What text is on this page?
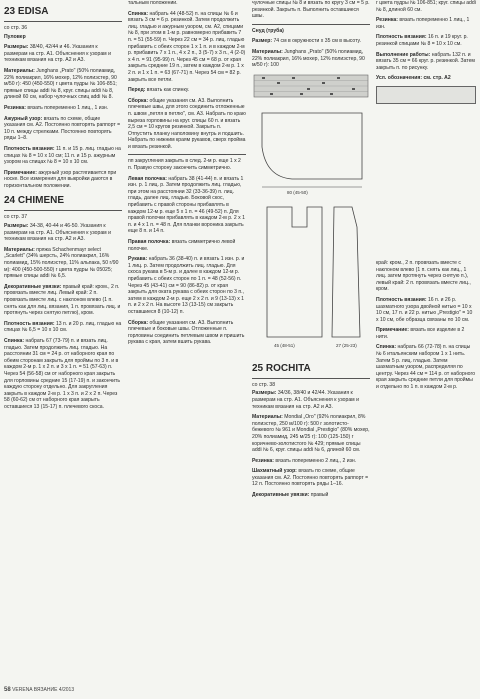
23 EDISA

со стр. 36

Пуловер

Размеры: 38/40, 42/44 и 46. Указания к размерам на стр. А1. Объяснения к узорам и техникам вязания на стр. А2 и А3.

Материалы: Junghans „Prato" (50% полиамид, 22% полиакрил, 16% мохер, 12% полиэстер, 90 м/50 г): 450 (450-550) г цвета пудры № 106-851; прямые спицы addi № 8, круг. спицы addi № 8, длиной 60 см, набор чулочных спиц addi № 8.

Резинка: вязать попеременно 1 лиц., 1 изн.

Ажурный узор: вязать по схеме, общие указания см. А2. Постоянно повторять раппорт = 10 п. между стрелками. Постоянно повторять ряды 1–8.

Плотность вязания: 11 п. и 15 р. лиц. гладью на спицах № 8 = 10 х 10 см; 11 п. и 15 р. ажурным узором на спицах № 8 = 10 х 10 см.

Примечание: ажурный узор растягивается при носке. Все измерения для выкройки даются в горизонтальном положении.

24 CHIMENE

со стр. 37

Размеры: 34-38, 40-44 и 46-50. Указания к размерам на стр. А1. Объяснения к узорам и техникам вязания на стр. А2 и А3.

Материалы: пряжа Schachenmayr select „Scarlett" (34% шерсть, 24% полиакрил, 16% полиамид, 15% полиэстер, 11% альпака, 50 г/90 м): 400 (450-500-550) г цвета пудры № 05025; прямые спицы addi № 6,5.

Декоративные увязки: правый край: кром., 2 п. провязать вместе лиц. Левый край: 2 п. провязать вместе лиц. с наклоном влево (1 п. снять как для лиц. вязания, 1 п. провязать лиц. и протянуть через снятую петлю), кром.

Плотность вязания: 13 п. и 20 р. лиц. гладью на спицах № 6,5 = 10 х 10 см.

Спинка: набрать 67 (73-79) п. и вязать лиц. гладью. Затем продолжить лиц. гладью. На расстоянии 31 см = 24 р. от наборного края по обеим сторонам закрыть для проймы по 3 п. и в каждом 2-м р. 1 х 2 п. и 3 х 1 п. = 51 (57-63) п. Через 54 (56-58) см от наборного края закрыть для горловины средние 15 (17-19) п. и закончить каждую сторону отдельно. Для закругления закрыть в каждом 2-м р. 1 х 3 п. и 2 х 2 п. Через 58 (60-62) см от наборного края закрыть оставшиеся 13 (15-17) п. плечевого скоса.

тальным положении.

Спинка: набрать 44 (48-52) п. на спицы № 6 и вязать 3 см = 6 р. резинкой. Затем продолжить лиц. гладью и ажурным узором, см. А2, спицами № 8, при этом в 1-м р. равномерно прибавить 7 п. = 51 (55-59) п. Через 22 см = 34 р. лиц. гладью прибавить с обеих сторон 1 х 1 п. и в каждом 2-м р. прибавить 7 х 1 п., 4 х 2 п., 3 (5-7) х 3 п., 4 (2-0) х 4 п. = 91 (95-99) п. Через 45 см = 68 р. от края закрыть средние 19 п., затем в каждом 2-м р. 1 х 2 п. и 1 х 1 п. = 63 (67-71) п. Через 54 см = 82 р. закрыть все петли.

Перед: вязать как спинку.

Сборка: общие указания см. А3. Выполнить плечевые швы, для этого соединить отложенные п. швом „петля в петлю", см. А3. Набрать по краю выреза горловины на круг. спицы 60 п. и вязать 2,5 см = 10 кругов резинкой. Закрыть п. Отпустить планку наполовину внутрь и подшить. Набрать по нижним краям рукавов, сверх пройма и вязать резинкой.

пп закругления закрыть в след. 2-м р. еще 1 х 2 п. Правую сторону закончить симметрично.

Левая полочка: набрать 38 (41-44) п. и вязать 1 изн. р. 1 лиц. р. Затем продолжить лиц. гладью, при этом на расстоянии 32 (33-36-39) п. лиц. гладь, далее лиц. гладью. Боковой скос, прибавить с правой стороны прибавлять в каждом 12-м р. еще 5 х 1 п. = 46 (49-52) п. Для правой полочки прибавлять в каждом 2-м р. 2 х 1 п. и 4 х 1 п. = 48 п. Для планки вороника закрыть еще 8 п. и 14 п.

Правая полочка: вязать симметрично левой полочке.

Рукава: набрать 36 (38-40) п. и вязать 1 изн. р. и 1 лиц. р. Затем продолжить лиц. гладью. Для скоса рукава в 5-м р. и далее в каждом 12-м р. прибавить с обеих сторон по 1 п. = 48 (52-56) п. Через 45 (43-41) см = 90 (86-82) р. от края закрыть для оката рукава с обеих сторон по 3 п., затем в каждом 2-м р. еще 2 х 2 п. и 9 (13-13) х 1 п. и 2 х 2 п. На высоте 13 (13-15) см закрыть оставшиеся 8 (10-12) п.

Сборка: общие указания см. А3. Выполнить плечевые и боковые швы. Отложенные п. горловины соединить петлевым швом и пришить рукава с края, затем вшить рукава.

чулочные спицы № 8 и вязать по кругу 3 см = 5 р. резинкой. Закрыть п. Выполнить оставшиеся швы.

Снуд (труба)

Размер: 74 см в окружности х 35 см в высоту.

Материалы: Junghans „Prato" (50% полиамид, 22% полиакрил, 16% мохер, 12% полиэстер, 90 м/50 г): 100

80 (45-50)
45 (48-51)	27 (25-23)
25 ROCHITA

со стр. 38

Размеры: 34/36, 38/40 и 42/44. Указания к размерам на стр. А1. Объяснения к узорам и техникам вязания на стр. А2 и А3.

Материалы: Mondial „Oro" (92% полиакрил, 8% полиэстер, 250 м/100 г): 500 г золотисто-бежевого № 961 и Mondial „Prestigio" (80% мохер, 20% полиамид, 245 м/25 г): 100 (125-150) г коричнево-золотистого № 429; прямые спицы addi № 6, круг. спицы addi № 6, длиной 60 см.

Резинка: вязать попеременно 2 лиц., 2 изн.

Шахматный узор: вязать по схеме, общие указания см. А2. Постоянно повторять раппорт = 12 п. Постоянно повторять ряды 1–16.

Декоративные увязки: правый

г цвета пудры № 106-851; круг. спицы addi № 8, длиной 60 см.

Резинка: вязать попеременно 1 лиц., 1 изн.

Плотность вязания: 16 п. и 19 круг. р. резинкой спицами № 8 = 10 х 10 см.

Выполнение работы: набрать 132 п. и вязать 35 см = 66 круг. р. резинкой. Затем закрыть п. по рисунку.

Усл. обозначения: см. стр. А2

край: кром., 2 п. провязать вместе с наклоном влево (1 п. снять как лиц., 1 лиц. затем протянуть через снятую п.), левый край: 2 п. провязать вместе лиц., кром.

Плотность вязания: 16 п. и 26 р. шахматного узора двойной нитью = 10 х 10 см, 17 п. и 22 р. нитью „Prestigio" = 10 х 10 см, обе образца связаны по 10 см.

Примечание: вязать все изделие в 2 нити.

Спинка: набрать 66 (72-78) п. на спицы № 6 итальянским набором 1 х 1 нить. Затем 5 р. лиц. гладью. Затем шахматным узором, распределяя по центру. Через 44 см = 114 р. от наборного края закрыть средние петли для проймы и отдельно по 1 п. в каждом 2-м р.

58 VERENA ВЯЗАНИЕ 4/2013
